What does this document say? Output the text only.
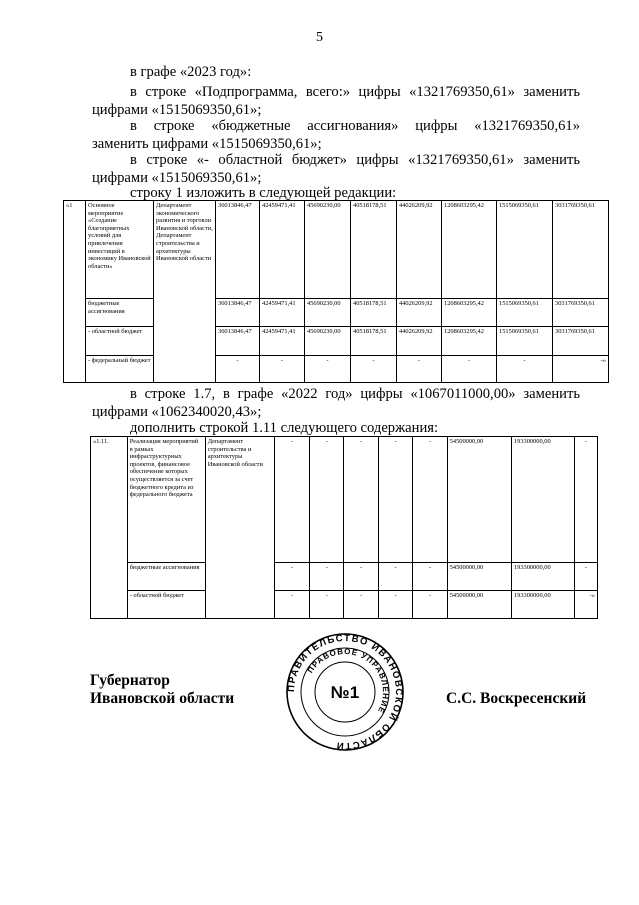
5
в графе «2023 год»:
в строке «Подпрограмма, всего:» цифры «1321769350,61» заменить
цифрами «1515069350,61»;
в строке «бюджетные ассигнования» цифры «1321769350,61»
заменить цифрами «1515069350,61»;
в строке «- областной бюджет» цифры «1321769350,61» заменить
цифрами «1515069350,61»;
строку 1 изложить в следующей редакции:
«1	Основное мероприятие «Создание благоприятных условий для привлечения инвестиций в экономику Ивановской области»	Департамент экономического развития и торговли Ивановской области, Департамент строительства и архитектуры Ивановской области	36013846,47	42459471,41	45690230,00	40518178,51	44026209,92	1208603295,42	1515069350,61	3031769350,61
	бюджетные ассигнования		36013846,47	42459471,41	45690230,00	40518178,51	44026209,92	1208603295,42	1515069350,61	3031769350,61
	- областной бюджет		36013846,47	42459471,41	45690230,00	40518178,51	44026209,92	1208603295,42	1515069350,61	3031769350,61
	- федеральный бюджет		-	-	-	-	-	-	-	-»
в строке 1.7, в графе «2022 год» цифры «1067011000,00» заменить
цифрами «1062340020,43»;
дополнить строкой 1.11 следующего содержания:
«1.11.	Реализация мероприятий в рамках инфраструктурных проектов, финансовое обеспечение которых осуществляется за счет бюджетного кредита из федерального бюджета	Департамент строительства и архитектуры Ивановской области	-	-	-	-	-	54500000,00	193300000,00	-
	бюджетные ассигнования		-	-	-	-	-	54500000,00	193300000,00	-
	- областной бюджет		-	-	-	-	-	54500000,00	193300000,00	-»
Губернатор
Ивановской области	С.С. Воскресенский
ПРАВИТЕЛЬСТВО ИВАНОВСКОЙ ОБЛАСТИ
ПРАВОВОЕ УПРАВЛЕНИЕ
№1
